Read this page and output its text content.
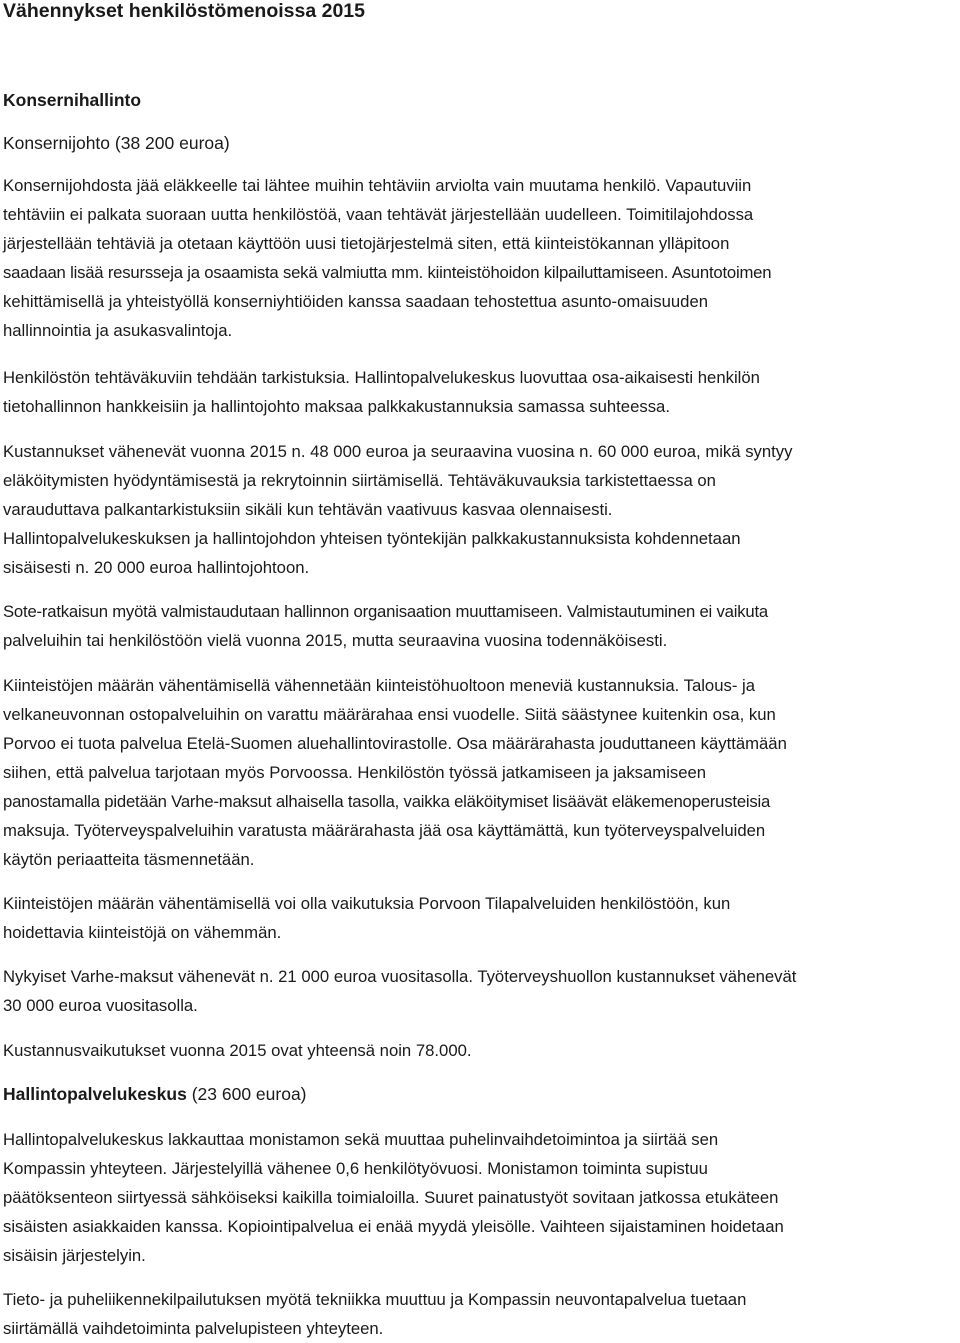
Vähennykset henkilöstömenoissa 2015
Konsernihallinto

Konsernijohto (38 200 euroa)

Konsernijohdosta jää eläkkeelle tai lähtee muihin tehtäviin arviolta vain muutama henkilö. Vapautuviin
tehtäviin ei palkata suoraan uutta henkilöstöä, vaan tehtävät järjestellään uudelleen. Toimitilajohdossa
järjestellään tehtäviä ja otetaan käyttöön uusi tietojärjestelmä siten, että kiinteistökannan ylläpitoon
saadaan lisää resursseja ja osaamista sekä valmiutta mm. kiinteistöhoidon kilpailuttamiseen. Asuntotoimen
kehittämisellä ja yhteistyöllä konserniyhtiöiden kanssa saadaan tehostettua asunto-omaisuuden
hallinnointia ja asukasvalintoja.

Henkilöstön tehtäväkuviin tehdään tarkistuksia. Hallintopalvelukeskus luovuttaa osa-aikaisesti henkilön
tietohallinnon hankkeisiin ja hallintojohto maksaa palkkakustannuksia samassa suhteessa.

Kustannukset vähenevät vuonna 2015 n. 48 000 euroa ja seuraavina vuosina n. 60 000 euroa, mikä syntyy
eläköitymisten hyödyntämisestä ja rekrytoinnin siirtämisellä. Tehtäväkuvauksia tarkistettaessa on
varauduttava palkantarkistuksiin sikäli kun tehtävän vaativuus kasvaa olennaisesti.
Hallintopalvelukeskuksen ja hallintojohdon yhteisen työntekijän palkkakustannuksista kohdennetaan
sisäisesti n. 20 000 euroa hallintojohtoon.

Sote-ratkaisun myötä valmistaudutaan hallinnon organisaation muuttamiseen. Valmistautuminen ei vaikuta
palveluihin tai henkilöstöön vielä vuonna 2015, mutta seuraavina vuosina todennäköisesti.

Kiinteistöjen määrän vähentämisellä vähennetään kiinteistöhuoltoon meneviä kustannuksia. Talous- ja
velkaneuvonnan ostopalveluihin on varattu määrärahaa ensi vuodelle. Siitä säästynee kuitenkin osa, kun
Porvoo ei tuota palvelua Etelä-Suomen aluehallintovirastolle. Osa määrärahasta jouduttaneen käyttämään
siihen, että palvelua tarjotaan myös Porvoossa. Henkilöstön työssä jatkamiseen ja jaksamiseen
panostamalla pidetään Varhe-maksut alhaisella tasolla, vaikka eläköitymiset lisäävät eläkemenoperusteisia
maksuja. Työterveyspalveluihin varatusta määrärahasta jää osa käyttämättä, kun työterveyspalveluiden
käytön periaatteita täsmennetään.

Kiinteistöjen määrän vähentämisellä voi olla vaikutuksia Porvoon Tilapalveluiden henkilöstöön, kun
hoidettavia kiinteistöjä on vähemmän.

Nykyiset Varhe-maksut vähenevät n. 21 000 euroa vuositasolla. Työterveyshuollon kustannukset vähenevät
30 000 euroa vuositasolla.

Kustannusvaikutukset vuonna 2015 ovat yhteensä noin 78.000.

Hallintopalvelukeskus (23 600 euroa)

Hallintopalvelukeskus lakkauttaa monistamon sekä muuttaa puhelinvaihdetoimintoa ja siirtää sen
Kompassin yhteyteen. Järjestelyillä vähenee 0,6 henkilötyövuosi. Monistamon toiminta supistuu
päätöksenteon siirtyessä sähköiseksi kaikilla toimialoilla. Suuret painatustyöt sovitaan jatkossa etukäteen
sisäisten asiakkaiden kanssa. Kopiointipalvelua ei enää myydä yleisölle. Vaihteen sijaistaminen hoidetaan
sisäisin järjestelyin.

Tieto- ja puheliikennekilpailutuksen myötä tekniikka muuttuu ja Kompassin neuvontapalvelua tuetaan
siirtämällä vaihdetoiminta palvelupisteen yhteyteen.
